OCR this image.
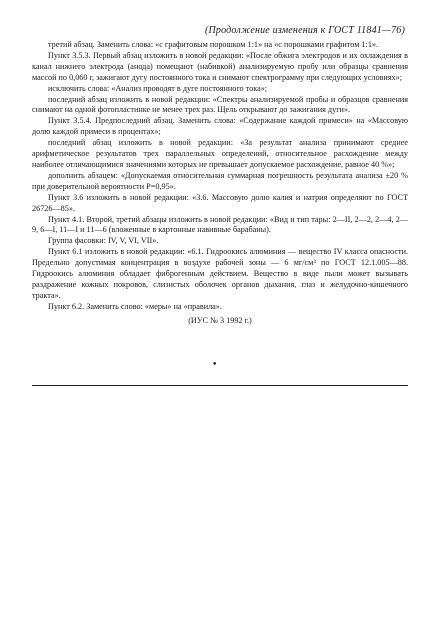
(Продолжение изменения к ГОСТ 11841—76)

третий абзац. Заменить слова: «с графитовым порошком 1:1» на «с порошками графитом 1:1».

Пункт 3.5.3. Первый абзац изложить в новой редакции: «После обжига электродов и их охлаждения в канал нижнего электрода (анода) помещают (набивкой) анализируемую пробу или образцы сравнения массой по 0,060 г, зажигают дугу постоянного тока и снимают спектрограмму при следующих условиях»;

исключить слова: «Анализ проводят в дуге постоянного тока»;

последний абзац изложить в новой редакции: «Спектры анализируемой пробы и образцов сравнения снимают на одной фотопластинке не менее трех раз. Щель открывают до зажигания дуги».

Пункт 3.5.4. Предпоследний абзац. Заменить слова: «Содержание каждой примеси» на «Массовую долю каждой примеси в процентах»;

последний абзац изложить в новой редакции: «За результат анализа принимают среднее арифметическое результатов трех параллельных определений, относительное расхождение между наиболее отличающимися значениями которых не превышает допускаемое расхождение, равное 40 %»;

дополнить абзацем: «Допускаемая относительная суммарная погрешность результата анализа ±20 % при доверительной вероятности P=0,95».

Пункт 3.6 изложить в новой редакции: «3.6. Массовую долю калия и натрия определяют по ГОСТ 26726—85».

Пункт 4.1. Второй, третий абзацы изложить в новой редакции: «Вид и тип тары: 2—II, 2—2, 2—4, 2—9, 6—I, 11—I и 11—6 (вложенные в картонные навивные барабаны).

Группа фасовки: IV, V, VI, VII».

Пункт 6.1 изложить в новой редакции: «6.1. Гидроокись алюминия — вещество IV класса опасности. Предельно допустимая концентрация в воздухе рабочей зоны — 6 мг/см³ по ГОСТ 12.1.005—88. Гидроокись алюминия обладает фиброгенным действием. Вещество в виде пыли может вызывать раздражение кожных покровов, слизистых оболочек органов дыхания, глаз и желудочно-кишечного тракта».

Пункт 6.2. Заменить слово: «меры» на «правила».

(ИУС № 3 1992 г.)

•
